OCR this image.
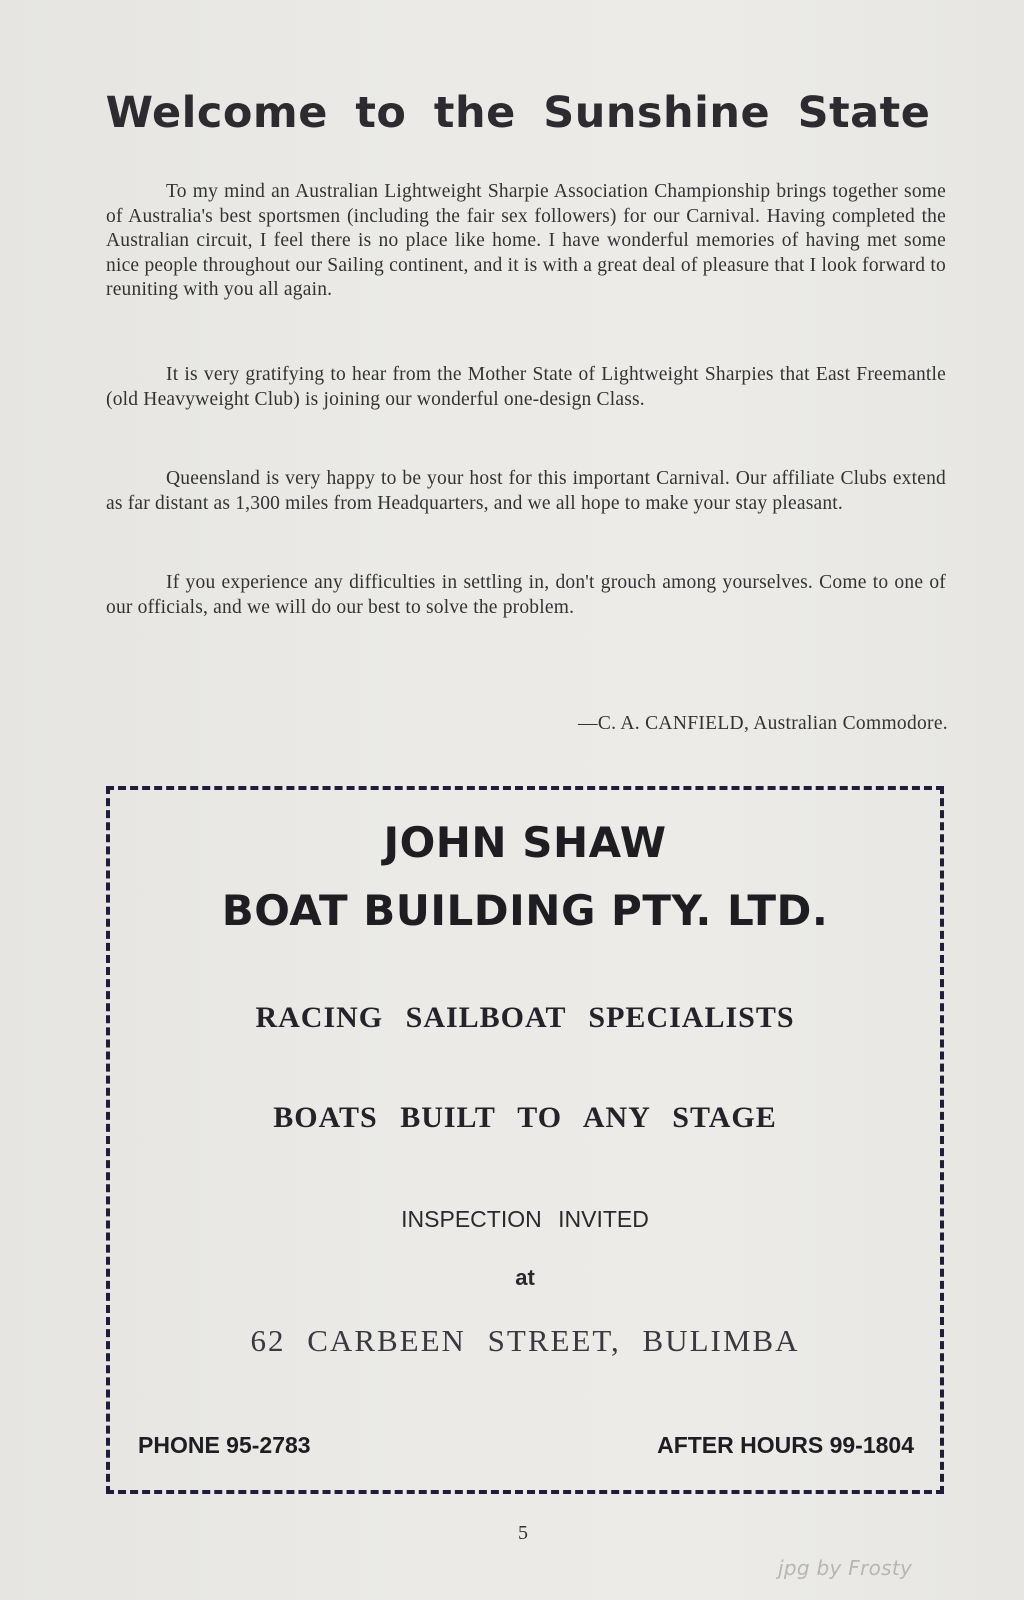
Welcome to the Sunshine State

To my mind an Australian Lightweight Sharpie Association Championship brings together some of Australia's best sportsmen (including the fair sex followers) for our Carnival. Having completed the Australian circuit, I feel there is no place like home. I have wonderful memories of having met some nice people throughout our Sailing continent, and it is with a great deal of pleasure that I look forward to reuniting with you all again.

It is very gratifying to hear from the Mother State of Lightweight Sharpies that East Freemantle (old Heavyweight Club) is joining our wonderful one-design Class.

Queensland is very happy to be your host for this important Carnival. Our affiliate Clubs extend as far distant as 1,300 miles from Headquarters, and we all hope to make your stay pleasant.

If you experience any difficulties in settling in, don't grouch among yourselves. Come to one of our officials, and we will do our best to solve the problem.

—C. A. CANFIELD, Australian Commodore.
JOHN SHAW
BOAT BUILDING PTY. LTD.
RACING SAILBOAT SPECIALISTS
BOATS BUILT TO ANY STAGE
INSPECTION INVITED
at
62 CARBEEN STREET, BULIMBA
PHONE 95-2783	AFTER HOURS 99-1804
5
jpg by Frosty
